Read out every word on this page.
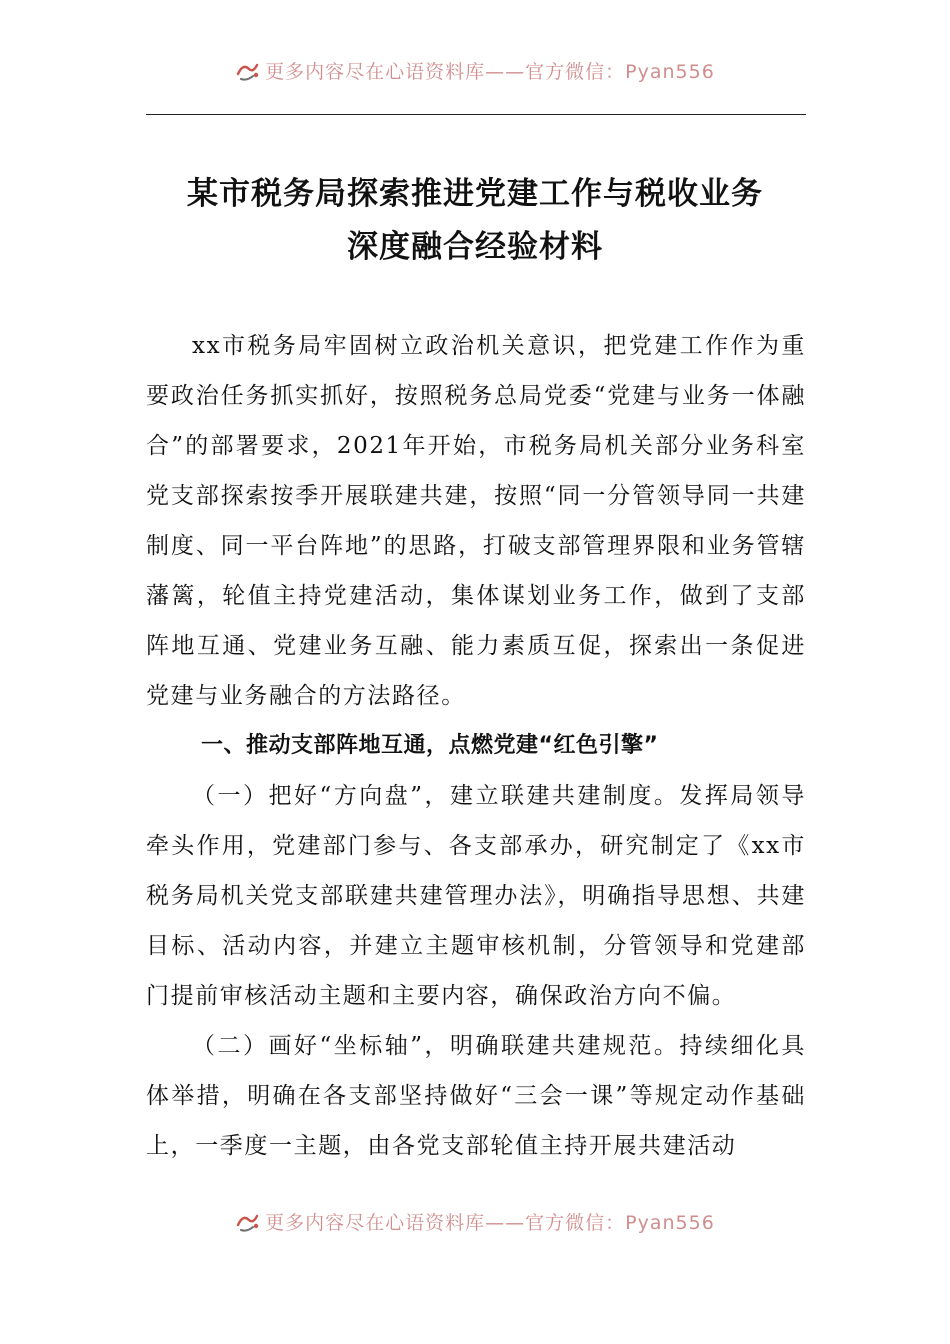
更多内容尽在心语资料库——官方微信：Pyan556
某市税务局探索推进党建工作与税收业务
深度融合经验材料

xx市税务局牢固树立政治机关意识，把党建工作作为重要政治任务抓实抓好，按照税务总局党委“党建与业务一体融合”的部署要求，2021年开始，市税务局机关部分业务科室党支部探索按季开展联建共建，按照“同一分管领导同一共建制度、同一平台阵地”的思路，打破支部管理界限和业务管辖藩篱，轮值主持党建活动，集体谋划业务工作，做到了支部阵地互通、党建业务互融、能力素质互促，探索出一条促进党建与业务融合的方法路径。

一、推动支部阵地互通，点燃党建“红色引擎”

（一）把好“方向盘”，建立联建共建制度。发挥局领导牵头作用，党建部门参与、各支部承办，研究制定了《xx市税务局机关党支部联建共建管理办法》，明确指导思想、共建目标、活动内容，并建立主题审核机制，分管领导和党建部门提前审核活动主题和主要内容，确保政治方向不偏。

（二）画好“坐标轴”，明确联建共建规范。持续细化具体举措，明确在各支部坚持做好“三会一课”等规定动作基础上，一季度一主题，由各党支部轮值主持开展共建活动

更多内容尽在心语资料库——官方微信：Pyan556
